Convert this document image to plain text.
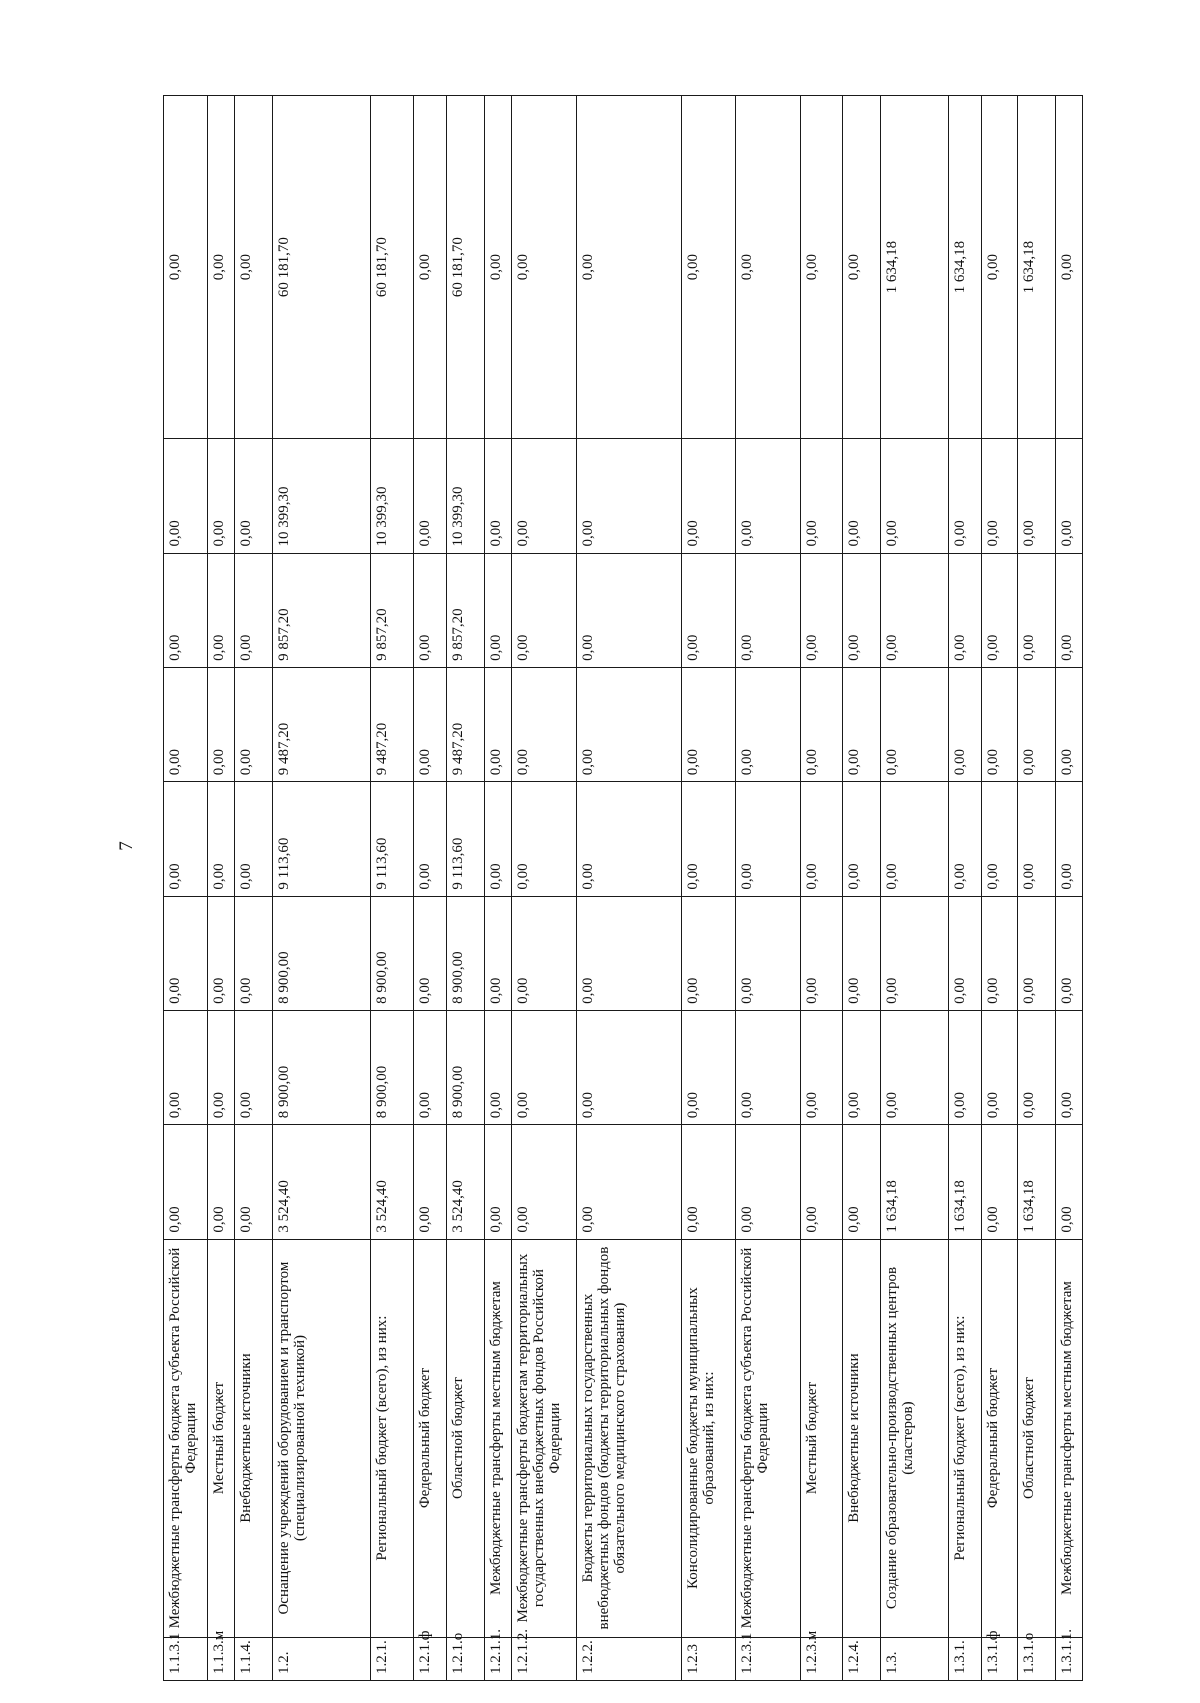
7
1.1.3.1	Межбюджетные трансферты бюджета субъекта Российской Федерации	0,00	0,00	0,00	0,00	0,00	0,00	0,00	0,00
1.1.3.м	Местный бюджет	0,00	0,00	0,00	0,00	0,00	0,00	0,00	0,00
1.1.4.	Внебюджетные источники	0,00	0,00	0,00	0,00	0,00	0,00	0,00	0,00
1.2.	Оснащение учреждений оборудованием и транспортом (специализированной техникой)	3 524,40	8 900,00	8 900,00	9 113,60	9 487,20	9 857,20	10 399,30	60 181,70
1.2.1.	Региональный бюджет (всего), из них:	3 524,40	8 900,00	8 900,00	9 113,60	9 487,20	9 857,20	10 399,30	60 181,70
1.2.1.ф	Федеральный бюджет	0,00	0,00	0,00	0,00	0,00	0,00	0,00	0,00
1.2.1.о	Областной бюджет	3 524,40	8 900,00	8 900,00	9 113,60	9 487,20	9 857,20	10 399,30	60 181,70
1.2.1.1.	Межбюджетные трансферты местным бюджетам	0,00	0,00	0,00	0,00	0,00	0,00	0,00	0,00
1.2.1.2.	Межбюджетные трансферты бюджетам территориальных государственных внебюджетных фондов Российской Федерации	0,00	0,00	0,00	0,00	0,00	0,00	0,00	0,00
1.2.2.	Бюджеты территориальных государственных внебюджетных фондов (бюджеты территориальных фондов обязательного медицинского страхования)	0,00	0,00	0,00	0,00	0,00	0,00	0,00	0,00
1.2.3	Консолидированные бюджеты муниципальных образований, из них:	0,00	0,00	0,00	0,00	0,00	0,00	0,00	0,00
1.2.3.1	Межбюджетные трансферты бюджета субъекта Российской Федерации	0,00	0,00	0,00	0,00	0,00	0,00	0,00	0,00
1.2.3.м	Местный бюджет	0,00	0,00	0,00	0,00	0,00	0,00	0,00	0,00
1.2.4.	Внебюджетные источники	0,00	0,00	0,00	0,00	0,00	0,00	0,00	0,00
1.3.	Создание образовательно-производственных центров (кластеров)	1 634,18	0,00	0,00	0,00	0,00	0,00	0,00	1 634,18
1.3.1.	Региональный бюджет (всего), из них:	1 634,18	0,00	0,00	0,00	0,00	0,00	0,00	1 634,18
1.3.1.ф	Федеральный бюджет	0,00	0,00	0,00	0,00	0,00	0,00	0,00	0,00
1.3.1.о	Областной бюджет	1 634,18	0,00	0,00	0,00	0,00	0,00	0,00	1 634,18
1.3.1.1.	Межбюджетные трансферты местным бюджетам	0,00	0,00	0,00	0,00	0,00	0,00	0,00	0,00
